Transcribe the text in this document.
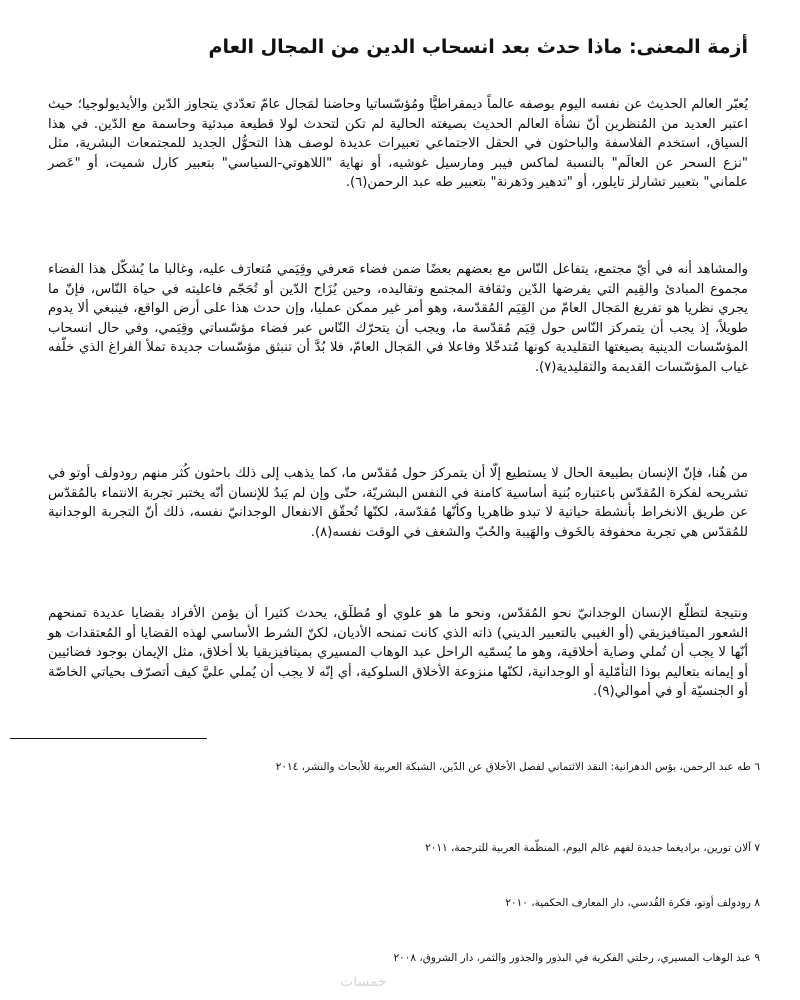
أزمة المعنى: ماذا حدث بعد انسحاب الدين من المجال العام

يُعبّر العالم الحديث عن نفسه اليوم بوصفه عالماً ديمقراطيًّا ومُؤسّساتيا وحاضنا لمَجال عامّ تعدّدي يتجاوز الدّين والأيديولوجيا؛ حيث اعتبر العديد من المُنظرين أنّ نشأة العالم الحديث بصيغته الحالية لم تكن لتحدث لولا قطيعة مبدئية وحاسمة مع الدّين. في هذا السياق، استخدم الفلاسفة والباحثون في الحقل الاجتماعي تعبيرات عديدة لوصف هذا التحوُّل الجديد للمجتمعات البشرية، مثل "نزع السحر عن العالَم" بالنسبة لماكس فيبر ومارسيل غوشيه، أو نهاية "اللاهوتي-السياسي" بتعبير كارل شميت، أو "عَصر علماني" بتعبير تشارلز تايلور، أو "تدهير ودَهرنة" بتعبير طه عبد الرحمن(٦).

والمشاهد أنه في أيّ مجتمع، يتفاعل النّاس مع بعضهم بعضًا ضمن فضاء مَعرفي وقِيَمي مُتعارَف عليه، وغالبا ما يُشكّل هذا الفضاء مجموع المبادئ والقِيم التي يفرضها الدّين وثقافة المجتمع وتقاليده، وحين يُزَاح الدّين أو تُحَجّم فاعليته في حياة النّاس، فإنّ ما يجري نظريا هو تفريغ المَجال العامّ من القِيَم المُقدّسة، وهو أمر غير ممكن عمليا، وإن حدث هذا على أرض الواقع، فينبغي ألا يدوم طويلاً، إذ يجب أن يتمركز النّاس حول قِيَم مُقدّسة ما، ويجب أن يتحرّك النّاس عبر فضاء مؤسّساتي وقِيَمي، وفي حال انسحاب المؤسّسات الدينية بصيغتها التقليدية كونها مُتدخّلا وفاعلا في المَجال العامّ، فلا بُدَّ أن تنبثق مؤسّسات جديدة تملأ الفراغ الذي خلّفه غياب المؤسّسات القديمة والتقليدية(٧).

من هُنا، فإنّ الإنسان بطبيعة الحال لا يستطيع إلّا أن يتمركز حول مُقدّس ما، كما يذهب إلى ذلك باحثون كُثر منهم رودولف أوتو في تشريحه لفكرة المُقدّس باعتباره بُنية أساسية كامنة في النفس البشريّة، حتّى وإن لم يَبدُ للإنسان أنّه يختبر تجربة الانتماء بالمُقدّس عن طريق الانخراط بأنشطة حياتية لا تبدو ظاهريا وكأنّها مُقدّسة، لكنّها تُحقّق الانفعال الوجدانيّ نفسه، ذلك أنّ التجربة الوجدانية للمُقدّس هي تجربة محفوفة بالخَوف والهَيبة والحُبّ والشغف في الوقت نفسه(٨).

ونتيجة لتطلّع الإنسان الوجدانيّ نحو المُقدّس، ونحو ما هو علوي أو مُطلَق، يحدث كثيرا أن يؤمن الأفراد بقضايا عديدة تمنحهم الشعور الميتافيزيقي (أو الغيبي بالتعبير الديني) ذاته الذي كانت تمنحه الأديان، لكنّ الشرط الأساسي لهذه القضايا أو المُعتقدات هو أنّها لا يجب أن تُملي وصاية أخلاقية، وهو ما يُسمّيه الراحل عبد الوهاب المسيري بميتافيزيقيا بلا أخلاق، مثل الإيمان بوجود فضائيين أو إيمانه بتعاليم بوذا التأمّلية أو الوجدانية، لكنّها منزوعة الأخلاق السلوكية، أي إنّه لا يجب أن يُملي عليَّ كيف أتصرّف بحياتي الخاصّة أو الجنسيّة أو في أموالي(٩).

٦ طه عبد الرحمن، بؤس الدهرانية: النقد الائتماني لفصل الأخلاق عن الدّين، الشبكة العربية للأبحاث والنشر، ٢٠١٤

٧ آلان تورين، براديغما جديدة لفهم عالم اليوم، المنظّمة العربية للترجمة، ٢٠١١

٨ رودولف أوتو، فكرة القُدسي، دار المعارف الحكمية، ٢٠١٠

٩ عبد الوهاب المسيري، رحلتي الفكرية في البذور والجذور والثمر، دار الشروق، ٢٠٠٨

خمسات
